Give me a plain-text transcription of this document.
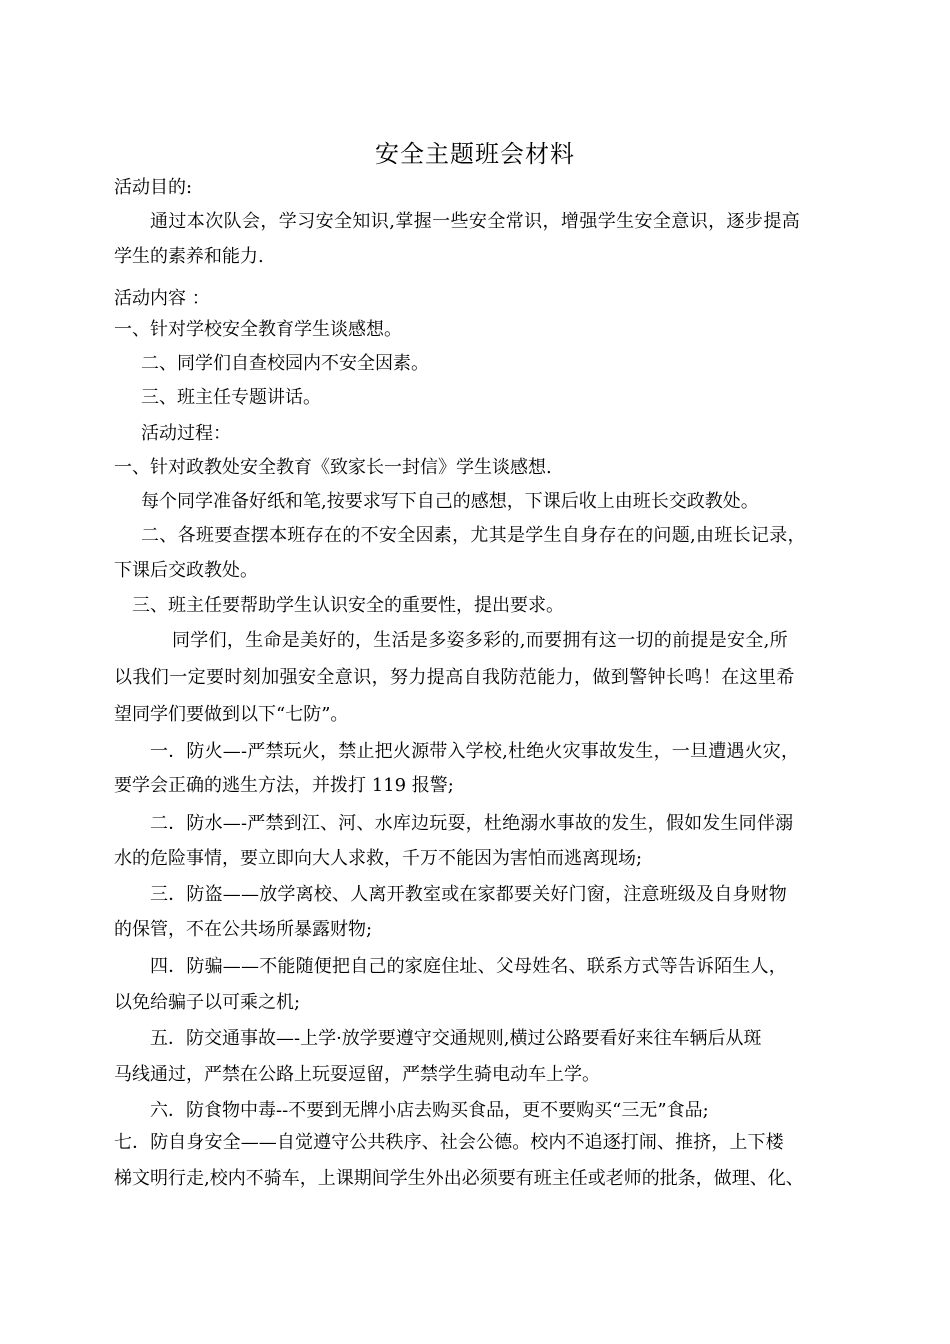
安全主题班会材料
活动目的:
通过本次队会，学习安全知识,掌握一些安全常识，增强学生安全意识，逐步提高
学生的素养和能力.
活动内容 ：
一、针对学校安全教育学生谈感想。
二、同学们自查校园内不安全因素。
三、班主任专题讲话。
活动过程：
一、针对政教处安全教育《致家长一封信》学生谈感想.
每个同学准备好纸和笔,按要求写下自己的感想，下课后收上由班长交政教处。
二、各班要查摆本班存在的不安全因素，尤其是学生自身存在的问题,由班长记录，
下课后交政教处。
三、班主任要帮助学生认识安全的重要性，提出要求。
同学们，生命是美好的，生活是多姿多彩的,而要拥有这一切的前提是安全,所
以我们一定要时刻加强安全意识，努力提高自我防范能力，做到警钟长鸣！在这里希
望同学们要做到以下“七防”。
一．防火—-严禁玩火，禁止把火源带入学校,杜绝火灾事故发生，一旦遭遇火灾，
要学会正确的逃生方法，并拨打 119 报警;
二．防水—-严禁到江、河、水库边玩耍，杜绝溺水事故的发生，假如发生同伴溺
水的危险事情，要立即向大人求救，千万不能因为害怕而逃离现场;
三．防盗——放学离校、人离开教室或在家都要关好门窗，注意班级及自身财物
的保管，不在公共场所暴露财物;
四．防骗——不能随便把自己的家庭住址、父母姓名、联系方式等告诉陌生人，
以免给骗子以可乘之机;
五．防交通事故—-上学·放学要遵守交通规则,横过公路要看好来往车辆后从斑
马线通过，严禁在公路上玩耍逗留，严禁学生骑电动车上学。
六．防食物中毒--不要到无牌小店去购买食品，更不要购买“三无”食品;
七．防自身安全——自觉遵守公共秩序、社会公德。校内不追逐打闹、推挤，上下楼
梯文明行走,校内不骑车，上课期间学生外出必须要有班主任或老师的批条，做理、化、
